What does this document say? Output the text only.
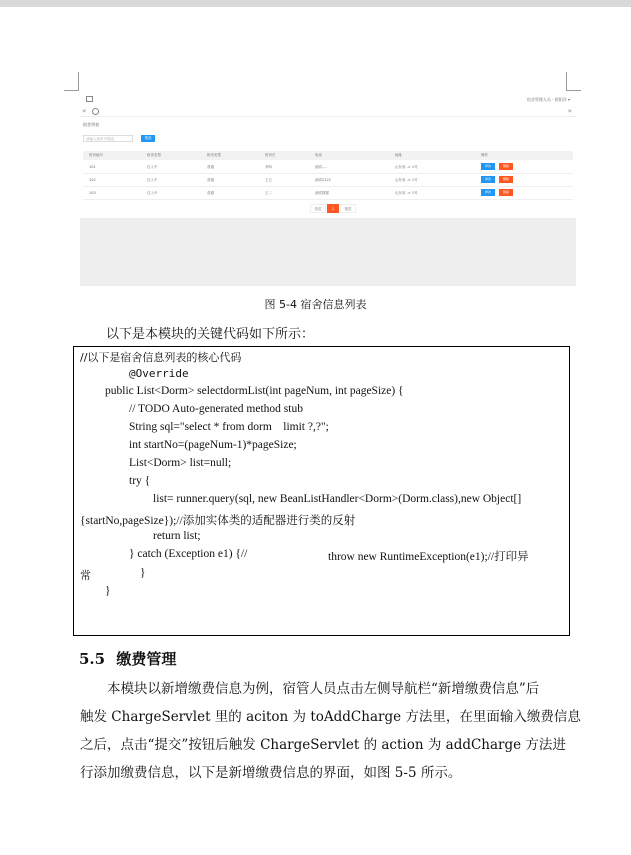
宿舍管理人员 · 欧阳洋 ▾
«	»
宿舍列表
请输入宿舍号搜索	搜索
宿舍编号	宿舍类型	宿舍类型	宿舍长	电话	地址	操作
101	住入中	普通	李四	测试.....	山东省 -> 1号	修改	删除
102	住入中	普通	王五	测试2222	山东省 -> 1号	修改	删除
103	住入中	普通	王二	测试数据	山东省 -> 1号	修改	删除
首页	1	尾页
图 5-4 宿舍信息列表
以下是本模块的关键代码如下所示：
//以下是宿舍信息列表的核心代码
@Override
public List<Dorm> selectdormList(int pageNum, int pageSize) {
// TODO Auto-generated method stub
String sql="select * from dorm    limit ?,?";
int startNo=(pageNum-1)*pageSize;
List<Dorm> list=null;
try {
list= runner.query(sql, new BeanListHandler<Dorm>(Dorm.class),new Object[]
{startNo,pageSize});//添加实体类的适配器进行类的反射
return list;
} catch (Exception e1) {//	throw new RuntimeException(e1);//打印异
常	}
}
5.5 缴费管理
本模块以新增缴费信息为例，宿管人员点击左侧导航栏“新增缴费信息”后
触发 ChargeServlet 里的 aciton 为 toAddCharge 方法里，在里面输入缴费信息
之后，点击“提交”按钮后触发 ChargeServlet 的 action 为 addCharge 方法进
行添加缴费信息，以下是新增缴费信息的界面，如图 5-5 所示。
